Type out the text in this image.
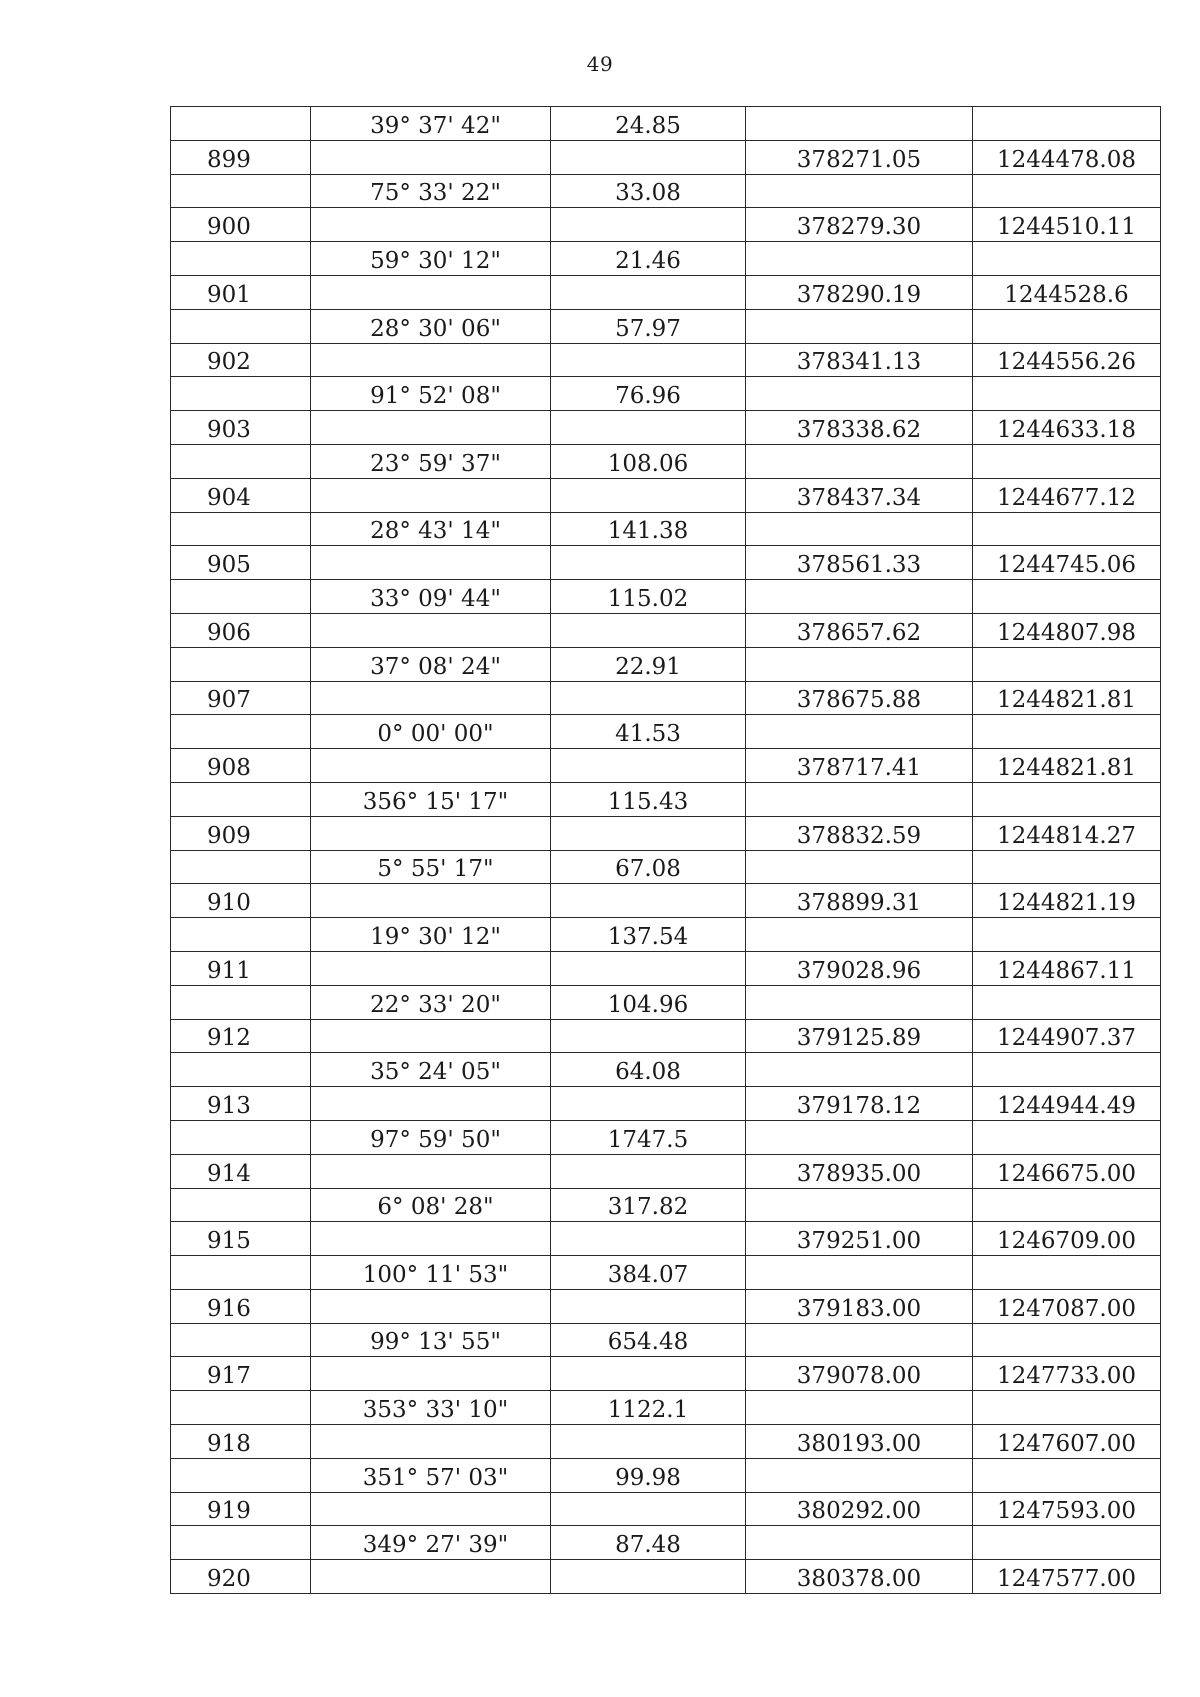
49

	39° 37' 42"	24.85		

899			378271.05	1244478.08

	75° 33' 22"	33.08		

900			378279.30	1244510.11

	59° 30' 12"	21.46		

901			378290.19	1244528.6

	28° 30' 06"	57.97		

902			378341.13	1244556.26

	91° 52' 08"	76.96		

903			378338.62	1244633.18

	23° 59' 37"	108.06		

904			378437.34	1244677.12

	28° 43' 14"	141.38		

905			378561.33	1244745.06

	33° 09' 44"	115.02		

906			378657.62	1244807.98

	37° 08' 24"	22.91		

907			378675.88	1244821.81

	0° 00' 00"	41.53		

908			378717.41	1244821.81

	356° 15' 17"	115.43		

909			378832.59	1244814.27

	5° 55' 17"	67.08		

910			378899.31	1244821.19

	19° 30' 12"	137.54		

911			379028.96	1244867.11

	22° 33' 20"	104.96		

912			379125.89	1244907.37

	35° 24' 05"	64.08		

913			379178.12	1244944.49

	97° 59' 50"	1747.5		

914			378935.00	1246675.00

	6° 08' 28"	317.82		

915			379251.00	1246709.00

	100° 11' 53"	384.07		

916			379183.00	1247087.00

	99° 13' 55"	654.48		

917			379078.00	1247733.00

	353° 33' 10"	1122.1		

918			380193.00	1247607.00

	351° 57' 03"	99.98		

919			380292.00	1247593.00

	349° 27' 39"	87.48		

920			380378.00	1247577.00
